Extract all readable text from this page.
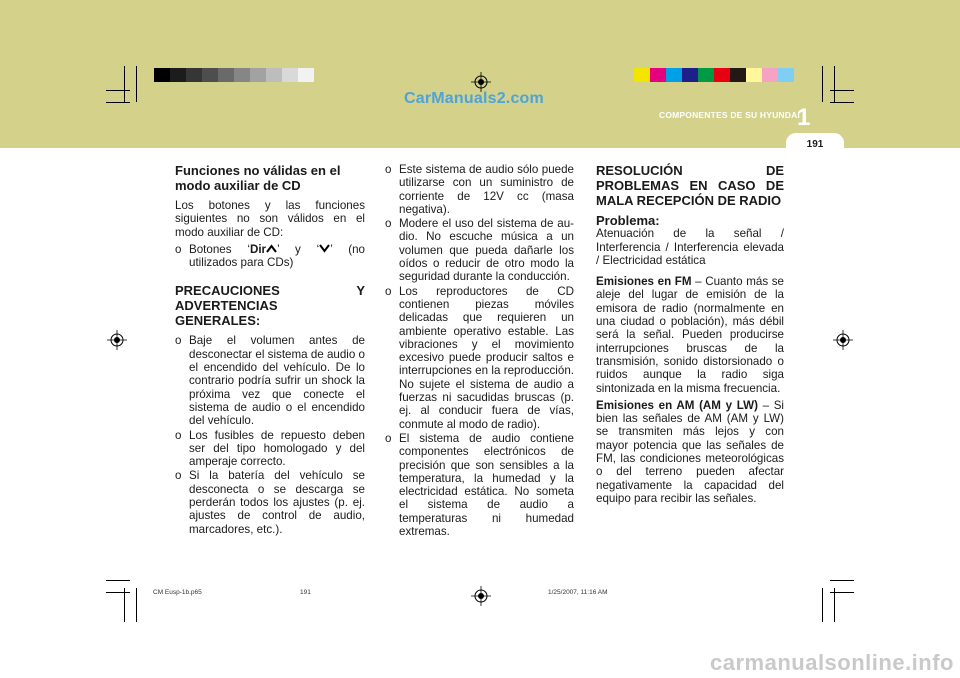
CarManuals2.com
COMPONENTES DE SU HYUNDAI
1
191
Funciones no válidas en el modo auxiliar de CD

Los botones y las funciones siguientes no son válidos en el modo auxiliar de CD:

o Botones ‘Dir ’ y ‘ ’ (no utilizados para CDs)
PRECAUCIONES Y ADVERTENCIAS GENERALES:
o Baje el volumen antes de desconectar el sistema de audio o el encendido del vehículo. De lo contrario podría sufrir un shock la próxima vez que conecte el sistema de audio o el encendido del vehículo.
o Los fusibles de repuesto deben ser del tipo homologado y del amperaje correcto.
o Si la batería del vehículo se desconecta o se descarga se perderán todos los ajustes (p. ej. ajustes de control de audio, marcadores, etc.).
o Este sistema de audio sólo puede utilizarse con un suministro de corriente de 12V cc (masa negativa).
o Modere el uso del sistema de au-dio. No escuche música a un volumen que pueda dañarle los oídos o reducir de otro modo la seguridad durante la conducción.
o Los reproductores de CD contienen piezas móviles delicadas que requieren un ambiente operativo estable. Las vibraciones y el movimiento excesivo puede producir saltos e interrupciones en la reproducción. No sujete el sistema de audio a fuerzas ni sacudidas bruscas (p. ej. al conducir fuera de vías, conmute al modo de radio).
o El sistema de audio contiene componentes electrónicos de precisión que son sensibles a la temperatura, la humedad y la electricidad estática. No someta el sistema de audio a temperaturas ni humedad extremas.
RESOLUCIÓN DE PROBLEMAS EN CASO DE MALA RECEPCIÓN DE RADIO
Problema:

Atenuación de la señal / Interferencia / Interferencia elevada / Electricidad estática

Emisiones en FM – Cuanto más se aleje del lugar de emisión de la emisora de radio (normalmente en una ciudad o población), más débil será la señal. Pueden producirse interrupciones bruscas de la transmisión, sonido distorsionado o ruidos aunque la radio siga sintonizada en la misma frecuencia.

Emisiones en AM (AM y LW) – Si bien las señales de AM (AM y LW) se transmiten más lejos y con mayor potencia que las señales de FM, las condiciones meteorológicas o del terreno pueden afectar negativamente la capacidad del equipo para recibir las señales.

CM Eusp-1b.p65	191	1/25/2007, 11:16 AM
carmanualsonline.info
